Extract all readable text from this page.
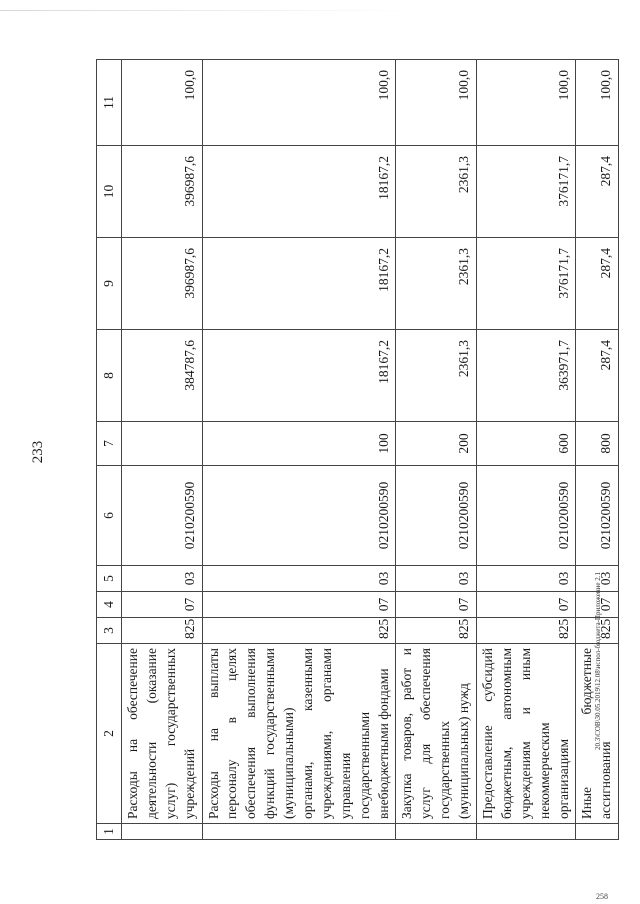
233
1	2	3	4	5	6	7	8	9	10	11
	Расходы на обеспечение деятельности (оказание услуг) государственных учреждений	825	07	03	0210200590		384787,6	396987,6	396987,6	100,0
	Расходы на выплаты персоналу в целях обеспечения выполнения функций государственными (муниципальными) органами, казенными учреждениями, органами управления государственными внебюджетными фондами	825	07	03	0210200590	100	18167,2	18167,2	18167,2	100,0
	Закупка товаров, работ и услуг для обеспечения государственных (муниципальных) нужд	825	07	03	0210200590	200	2361,3	2361,3	2361,3	100,0
	Предоставление субсидий бюджетным, автономным учреждениям и иным некоммерческим организациям	825	07	03	0210200590	600	363971,7	376171,7	376171,7	100,0
	Иные бюджетные ассигнования	825	07	03	0210200590	800	287,4	287,4	287,4	100,0
20.3\COB\30.05.2019\12.08\испол-бюджета-Приложение 2.1
258
